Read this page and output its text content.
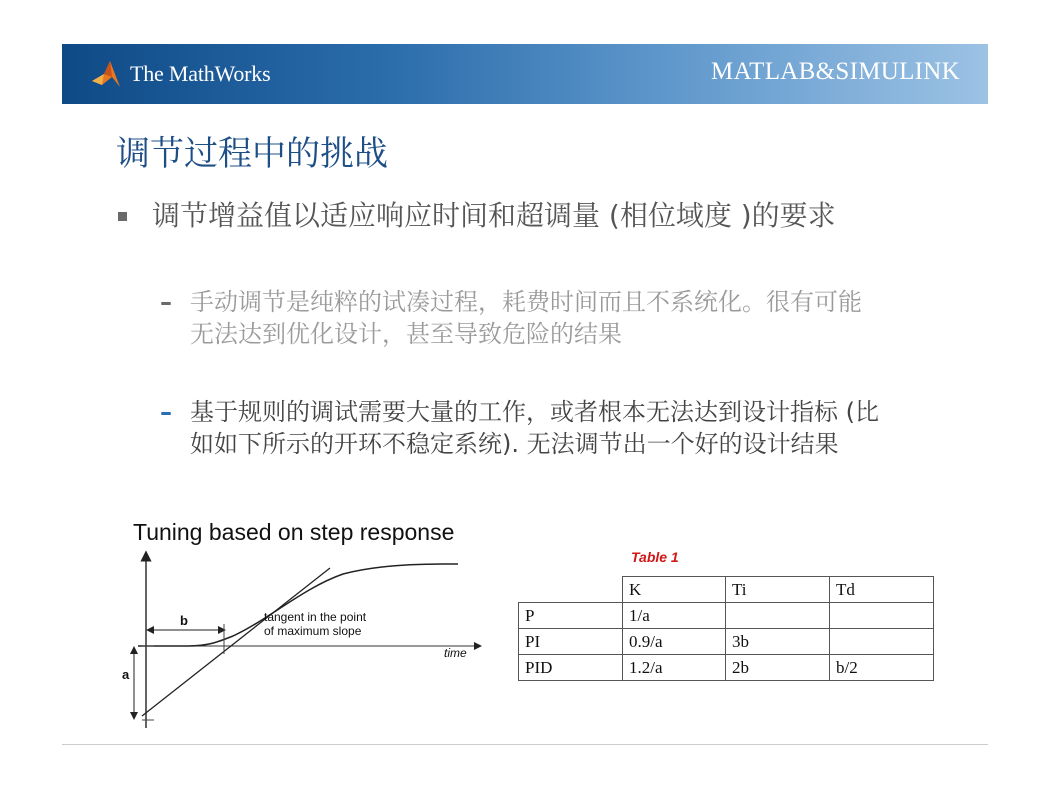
The MathWorks	MATLAB&SIMULINK
调节过程中的挑战
调节增益值以适应响应时间和超调量 (相位域度 )的要求
– 手动调节是纯粹的试凑过程，耗费时间而且不系统化。很有可能无法达到优化设计，甚至导致危险的结果
– 基于规则的调试需要大量的工作，或者根本无法达到设计指标 (比如如下所示的开环不稳定系统). 无法调节出一个好的设计结果
Tuning based on step response
b
a
tangent in the point
of maximum slope
time
Table 1
	K	Ti	Td
P	1/a		
PI	0.9/a	3b	
PID	1.2/a	2b	b/2
